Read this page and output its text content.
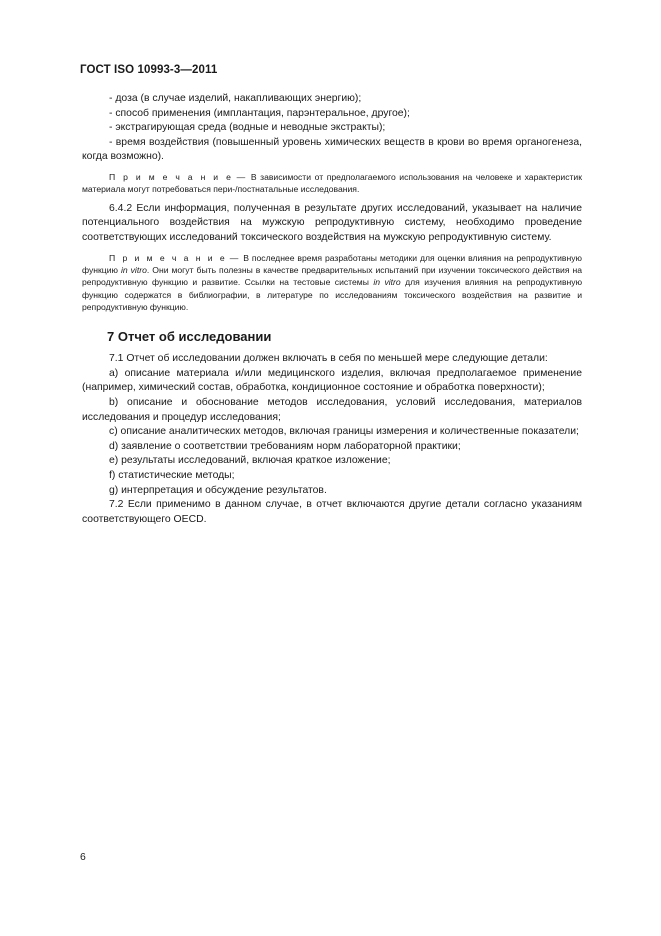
ГОСТ ISO 10993-3—2011

- доза (в случае изделий, накапливающих энергию);

- способ применения (имплантация, парэнтеральное, другое);

- экстрагирующая среда (водные и неводные экстракты);

- время воздействия (повышенный уровень химических веществ в крови во время органогенеза, когда возможно).

П р и м е ч а н и е — В зависимости от предполагаемого использования на человеке и характеристик материала могут потребоваться пери-/постнатальные исследования.

6.4.2 Если информация, полученная в результате других исследований, указывает на наличие потенциального воздействия на мужскую репродуктивную систему, необходимо проведение соответствующих исследований токсического воздействия на мужскую репродуктивную систему.

П р и м е ч а н и е — В последнее время разработаны методики для оценки влияния на репродуктивную функцию in vitro. Они могут быть полезны в качестве предварительных испытаний при изучении токсического действия на репродуктивную функцию и развитие. Ссылки на тестовые системы in vitro для изучения влияния на репродуктивную функцию содержатся в библиографии, в литературе по исследованиям токсического воздействия на развитие и репродуктивную функцию.

7 Отчет об исследовании

7.1 Отчет об исследовании должен включать в себя по меньшей мере следующие детали:

a) описание материала и/или медицинского изделия, включая предполагаемое применение (например, химический состав, обработка, кондиционное состояние и обработка поверхности);

b) описание и обоснование методов исследования, условий исследования, материалов исследования и процедур исследования;

c) описание аналитических методов, включая границы измерения и количественные показатели;

d) заявление о соответствии требованиям норм лабораторной практики;

e) результаты исследований, включая краткое изложение;

f) статистические методы;

g) интерпретация и обсуждение результатов.

7.2 Если применимо в данном случае, в отчет включаются другие детали согласно указаниям соответствующего OECD.

6
